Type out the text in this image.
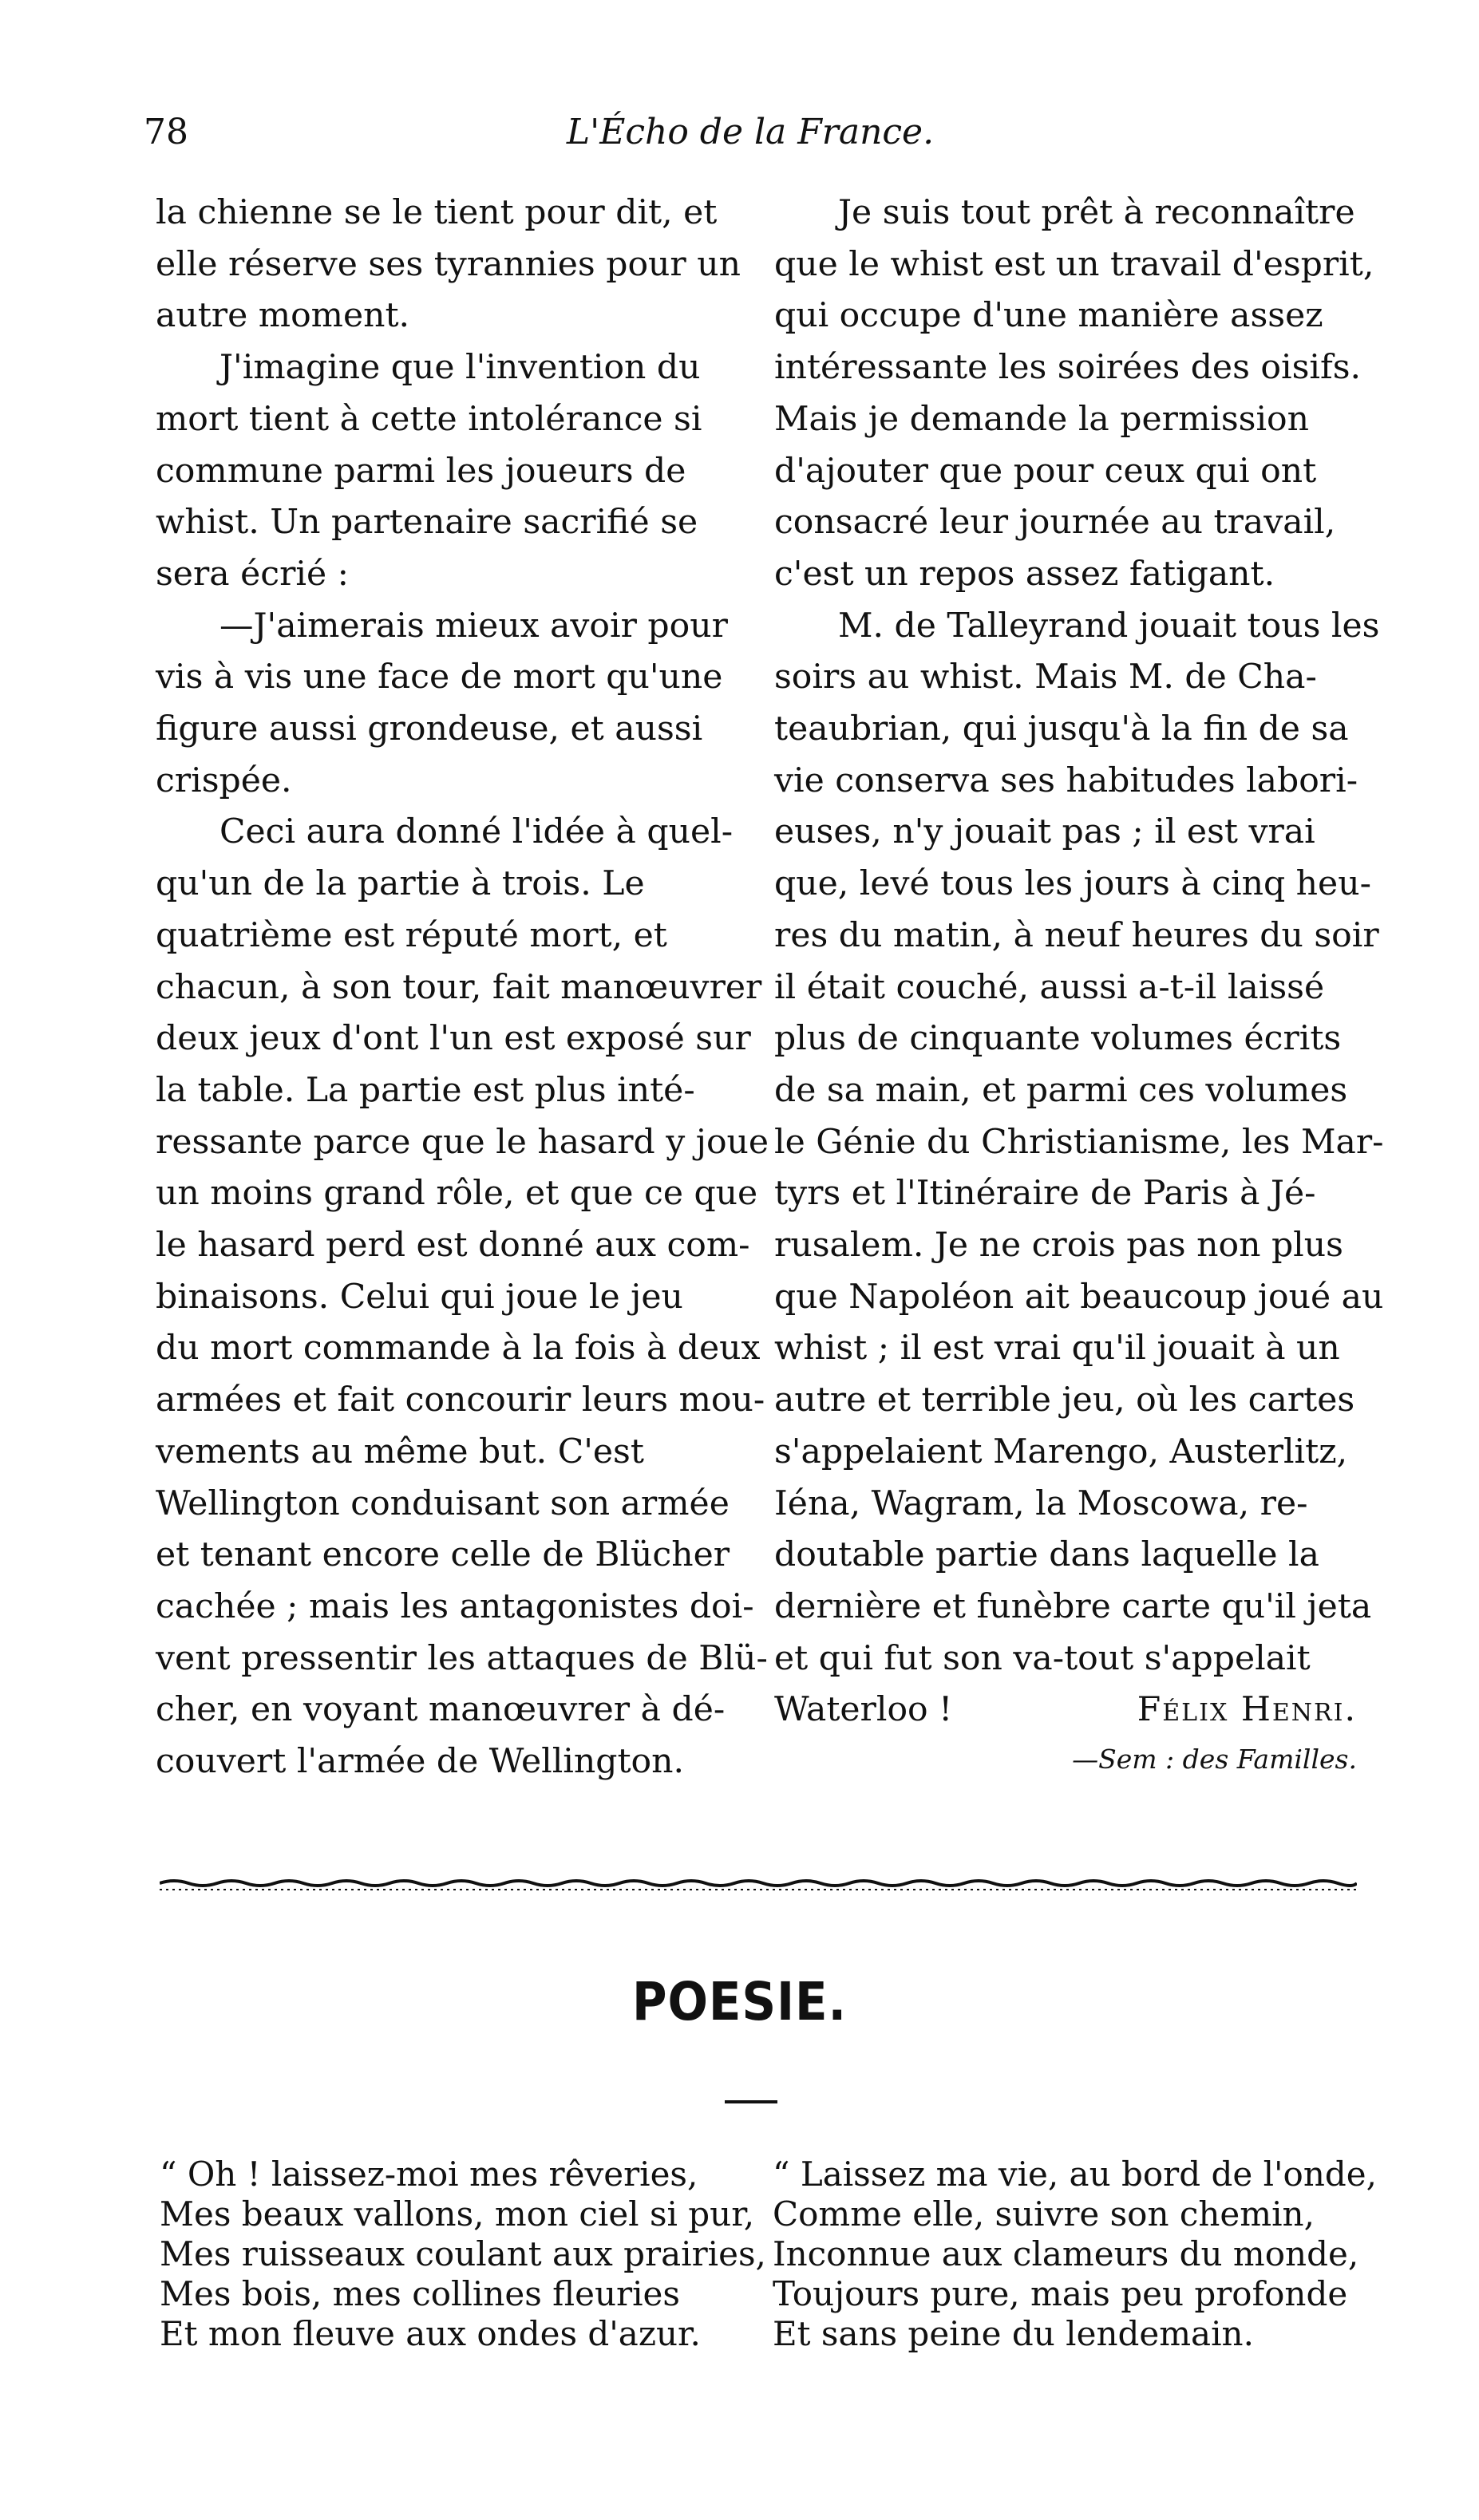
78	L'Écho de la France.

la chienne se le tient pour dit, et
elle réserve ses tyrannies pour un
autre moment.

J'imagine que l'invention du
mort tient à cette intolérance si
commune parmi les joueurs de
whist. Un partenaire sacrifié se
sera écrié :

—J'aimerais mieux avoir pour
vis à vis une face de mort qu'une
figure aussi grondeuse, et aussi
crispée.

Ceci aura donné l'idée à quel-
qu'un de la partie à trois. Le
quatrième est réputé mort, et
chacun, à son tour, fait manœuvrer
deux jeux d'ont l'un est exposé sur
la table. La partie est plus inté-
ressante parce que le hasard y joue
un moins grand rôle, et que ce que
le hasard perd est donné aux com-
binaisons. Celui qui joue le jeu
du mort commande à la fois à deux
armées et fait concourir leurs mou-
vements au même but. C'est
Wellington conduisant son armée
et tenant encore celle de Blücher
cachée ; mais les antagonistes doi-
vent pressentir les attaques de Blü-
cher, en voyant manœuvrer à dé-
couvert l'armée de Wellington.

Je suis tout prêt à reconnaître
que le whist est un travail d'esprit,
qui occupe d'une manière assez
intéressante les soirées des oisifs.
Mais je demande la permission
d'ajouter que pour ceux qui ont
consacré leur journée au travail,
c'est un repos assez fatigant.

M. de Talleyrand jouait tous les
soirs au whist. Mais M. de Cha-
teaubrian, qui jusqu'à la fin de sa
vie conserva ses habitudes labori-
euses, n'y jouait pas ; il est vrai
que, levé tous les jours à cinq heu-
res du matin, à neuf heures du soir
il était couché, aussi a-t-il laissé
plus de cinquante volumes écrits
de sa main, et parmi ces volumes
le Génie du Christianisme, les Mar-
tyrs et l'Itinéraire de Paris à Jé-
rusalem. Je ne crois pas non plus
que Napoléon ait beaucoup joué au
whist ; il est vrai qu'il jouait à un
autre et terrible jeu, où les cartes
s'appelaient Marengo, Austerlitz,
Iéna, Wagram, la Moscowa, re-
doutable partie dans laquelle la
dernière et funèbre carte qu'il jeta
et qui fut son va-tout s'appelait

Waterloo !	Félix Henri.
—Sem : des Familles.
POESIE.
“ Oh ! laissez-moi mes rêveries,
Mes beaux vallons, mon ciel si pur,
Mes ruisseaux coulant aux prairies,
Mes bois, mes collines fleuries
Et mon fleuve aux ondes d'azur.
“ Laissez ma vie, au bord de l'onde,
Comme elle, suivre son chemin,
Inconnue aux clameurs du monde,
Toujours pure, mais peu profonde
Et sans peine du lendemain.
